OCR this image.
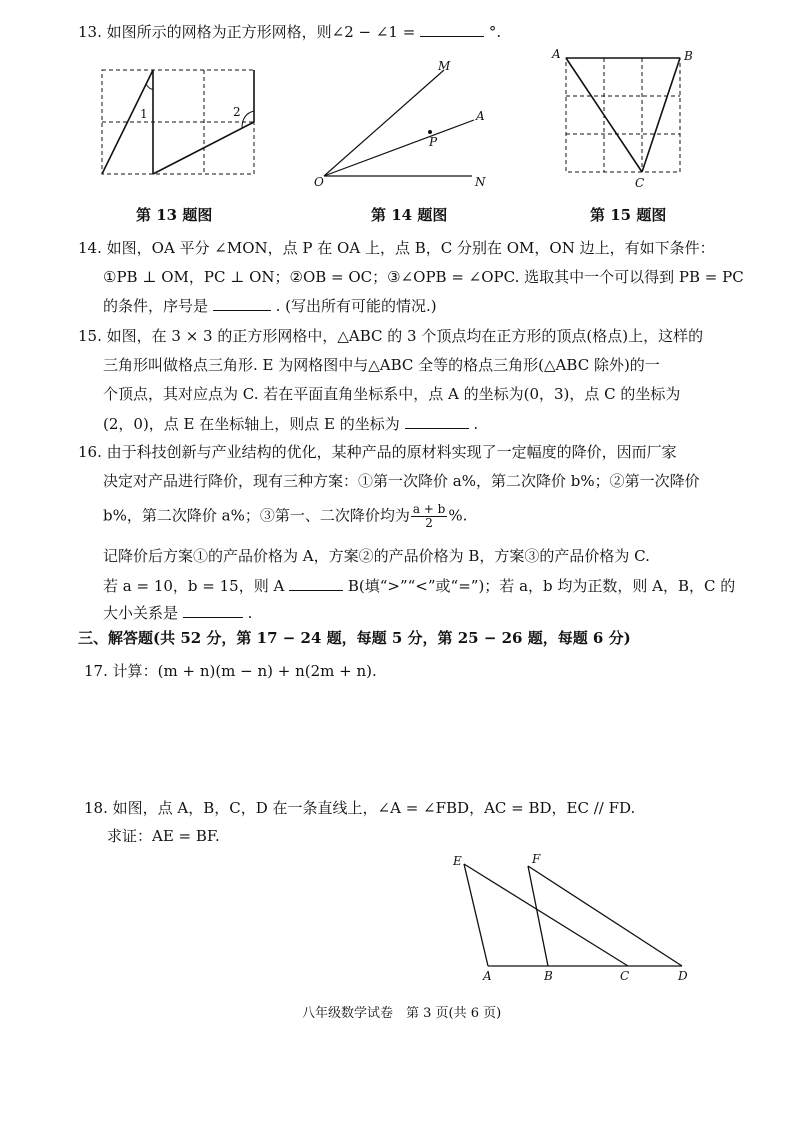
13. 如图所示的网格为正方形网格，则∠2 − ∠1 =	°.
1	2
M
A
P
O	N
A	B
C
第 13 题图	第 14 题图	第 15 题图
14. 如图，OA 平分 ∠MON，点 P 在 OA 上，点 B，C 分别在 OM，ON 边上，有如下条件：
①PB ⊥ OM，PC ⊥ ON；②OB = OC；③∠OPB = ∠OPC. 选取其中一个可以得到 PB = PC
的条件，序号是	. (写出所有可能的情况.)
15. 如图，在 3 × 3 的正方形网格中，△ABC 的 3 个顶点均在正方形的顶点(格点)上，这样的
三角形叫做格点三角形. E 为网格图中与△ABC 全等的格点三角形(△ABC 除外)的一
个顶点，其对应点为 C. 若在平面直角坐标系中，点 A 的坐标为(0，3)，点 C 的坐标为
(2，0)，点 E 在坐标轴上，则点 E 的坐标为	.
16. 由于科技创新与产业结构的优化，某种产品的原材料实现了一定幅度的降价，因而厂家
决定对产品进行降价，现有三种方案：①第一次降价 a%，第二次降价 b%；②第一次降价
b%，第二次降价 a%；③第一、二次降价均为 $\frac{a + b}{2}$ %.
记降价后方案①的产品价格为 A，方案②的产品价格为 B，方案③的产品价格为 C.
若 a = 10，b = 15，则 A	B(填“>”“<”或“=”)；若 a，b 均为正数，则 A，B，C 的
大小关系是	.
三、解答题(共 52 分，第 17 − 24 题，每题 5 分，第 25 − 26 题，每题 6 分)
17. 计算：(m + n)(m − n) + n(2m + n).
18. 如图，点 A，B，C，D 在一条直线上，∠A = ∠FBD，AC = BD，EC // FD.
求证：AE = BF.
E	F
A	B	C	D
八年级数学试卷　第 3 页(共 6 页)
